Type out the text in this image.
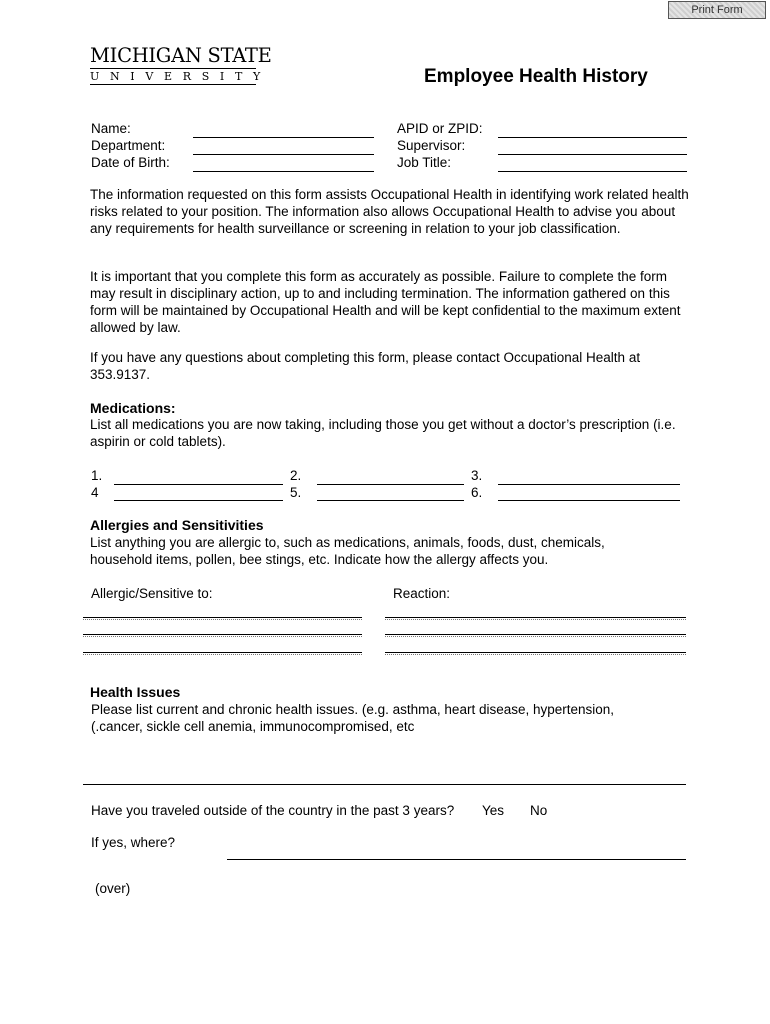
Print Form
MICHIGAN STATE
UNIVERSITY	Employee Health History
Name:
Department:
Date of Birth:
APID or ZPID:
Supervisor:
Job Title:
The information requested on this form assists Occupational Health in identifying work related health risks related to your position. The information also allows Occupational Health to advise you about any requirements for health surveillance or screening in relation to your job classification.
It is important that you complete this form as accurately as possible. Failure to complete the form may result in disciplinary action, up to and including termination. The information gathered on this form will be maintained by Occupational Health and will be kept confidential to the maximum extent allowed by law.
If you have any questions about completing this form, please contact Occupational Health at 353.9137.
Medications:
List all medications you are now taking, including those you get without a doctor’s prescription (i.e. aspirin or cold tablets).
1.	2.	3.
4	5.	6.
Allergies and Sensitivities
List anything you are allergic to, such as medications, animals, foods, dust, chemicals, household items, pollen, bee stings, etc. Indicate how the allergy affects you.
Allergic/Sensitive to:	Reaction:
Health Issues
Please list current and chronic health issues. (e.g. asthma, heart disease, hypertension,
(.cancer, sickle cell anemia, immunocompromised, etc
Have you traveled outside of the country in the past 3 years? Yes No
If yes, where?
(over)
